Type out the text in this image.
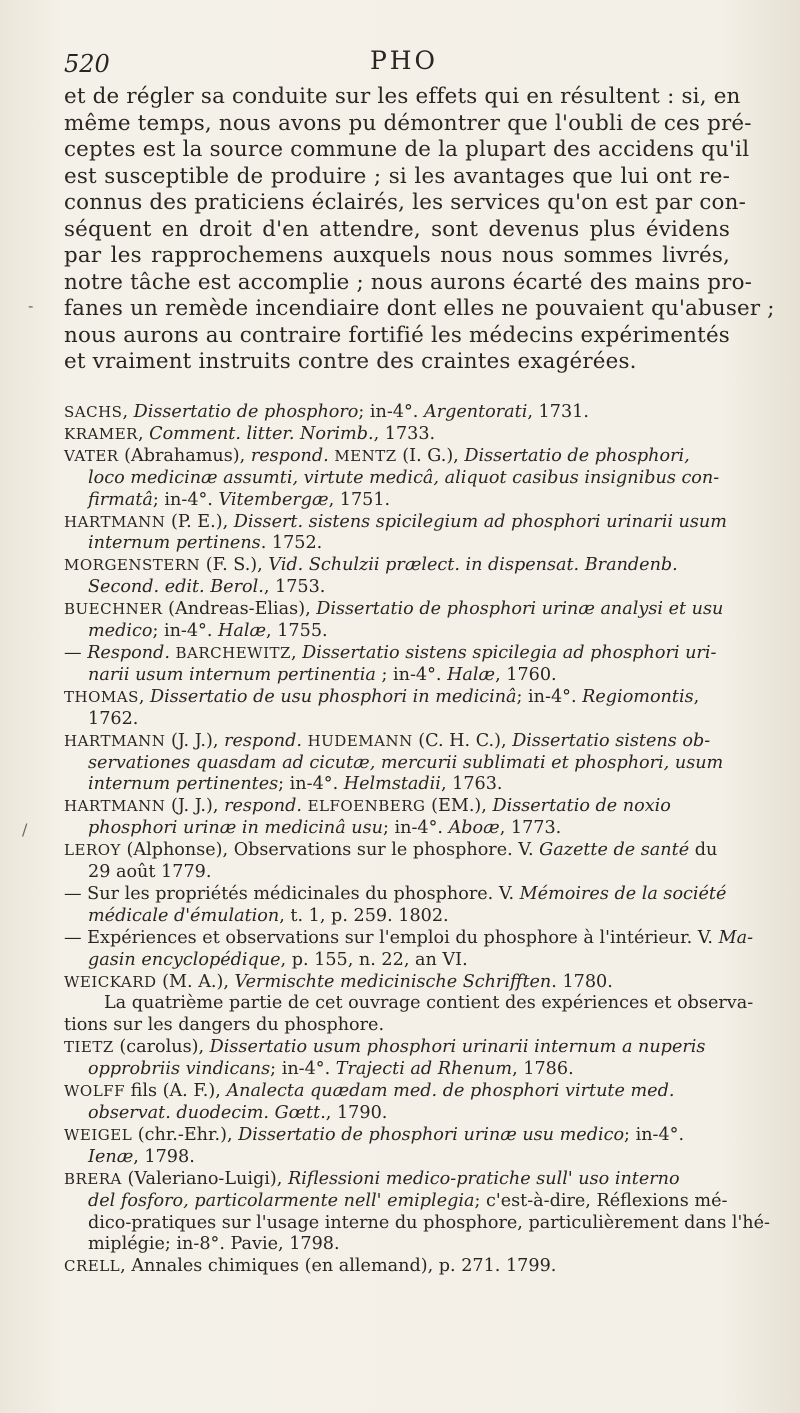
520	PHO
et de régler sa conduite sur les effets qui en résultent : si, en
même temps, nous avons pu démontrer que l'oubli de ces pré-
ceptes est la source commune de la plupart des accidens qu'il
est susceptible de produire ; si les avantages que lui ont re-
connus des praticiens éclairés, les services qu'on est par con-
séquent en droit d'en attendre, sont devenus plus évidens
par les rapprochemens auxquels nous nous sommes livrés,
notre tâche est accomplie ; nous aurons écarté des mains pro-
fanes un remède incendiaire dont elles ne pouvaient qu'abuser ;
nous aurons au contraire fortifié les médecins expérimentés
et vraiment instruits contre des craintes exagérées.
-
/
SACHS, Dissertatio de phosphoro; in-4°. Argentorati, 1731.
KRAMER, Comment. litter. Norimb., 1733.
VATER (Abrahamus), respond. MENTZ (I. G.), Dissertatio de phosphori,
loco medicinæ assumti, virtute medicâ, aliquot casibus insignibus con-
firmatâ; in-4°. Vitembergæ, 1751.
HARTMANN (P. E.), Dissert. sistens spicilegium ad phosphori urinarii usum
internum pertinens. 1752.
MORGENSTERN (F. S.), Vid. Schulzii prælect. in dispensat. Brandenb.
Second. edit. Berol., 1753.
BUECHNER (Andreas-Elias), Dissertatio de phosphori urinæ analysi et usu
medico; in-4°. Halæ, 1755.
— Respond. BARCHEWITZ, Dissertatio sistens spicilegia ad phosphori uri-
narii usum internum pertinentia ; in-4°. Halæ, 1760.
THOMAS, Dissertatio de usu phosphori in medicinâ; in-4°. Regiomontis,
1762.
HARTMANN (J. J.), respond. HUDEMANN (C. H. C.), Dissertatio sistens ob-
servationes quasdam ad cicutæ, mercurii sublimati et phosphori, usum
internum pertinentes; in-4°. Helmstadii, 1763.
HARTMANN (J. J.), respond. ELFOENBERG (EM.), Dissertatio de noxio
phosphori urinæ in medicinâ usu; in-4°. Aboæ, 1773.
LEROY (Alphonse), Observations sur le phosphore. V. Gazette de santé du
29 août 1779.
— Sur les propriétés médicinales du phosphore. V. Mémoires de la société
médicale d'émulation, t. 1, p. 259. 1802.
— Expériences et observations sur l'emploi du phosphore à l'intérieur. V. Ma-
gasin encyclopédique, p. 155, n. 22, an VI.
WEICKARD (M. A.), Vermischte medicinische Schrifften. 1780.
La quatrième partie de cet ouvrage contient des expériences et observa-
tions sur les dangers du phosphore.
TIETZ (carolus), Dissertatio usum phosphori urinarii internum a nuperis
opprobriis vindicans; in-4°. Trajecti ad Rhenum, 1786.
WOLFF fils (A. F.), Analecta quædam med. de phosphori virtute med.
observat. duodecim. Gœtt., 1790.
WEIGEL (chr.-Ehr.), Dissertatio de phosphori urinæ usu medico; in-4°.
Ienæ, 1798.
BRERA (Valeriano-Luigi), Riflessioni medico-pratiche sull' uso interno
del fosforo, particolarmente nell' emiplegia; c'est-à-dire, Réflexions mé-
dico-pratiques sur l'usage interne du phosphore, particulièrement dans l'hé-
miplégie; in-8°. Pavie, 1798.
CRELL, Annales chimiques (en allemand), p. 271. 1799.
